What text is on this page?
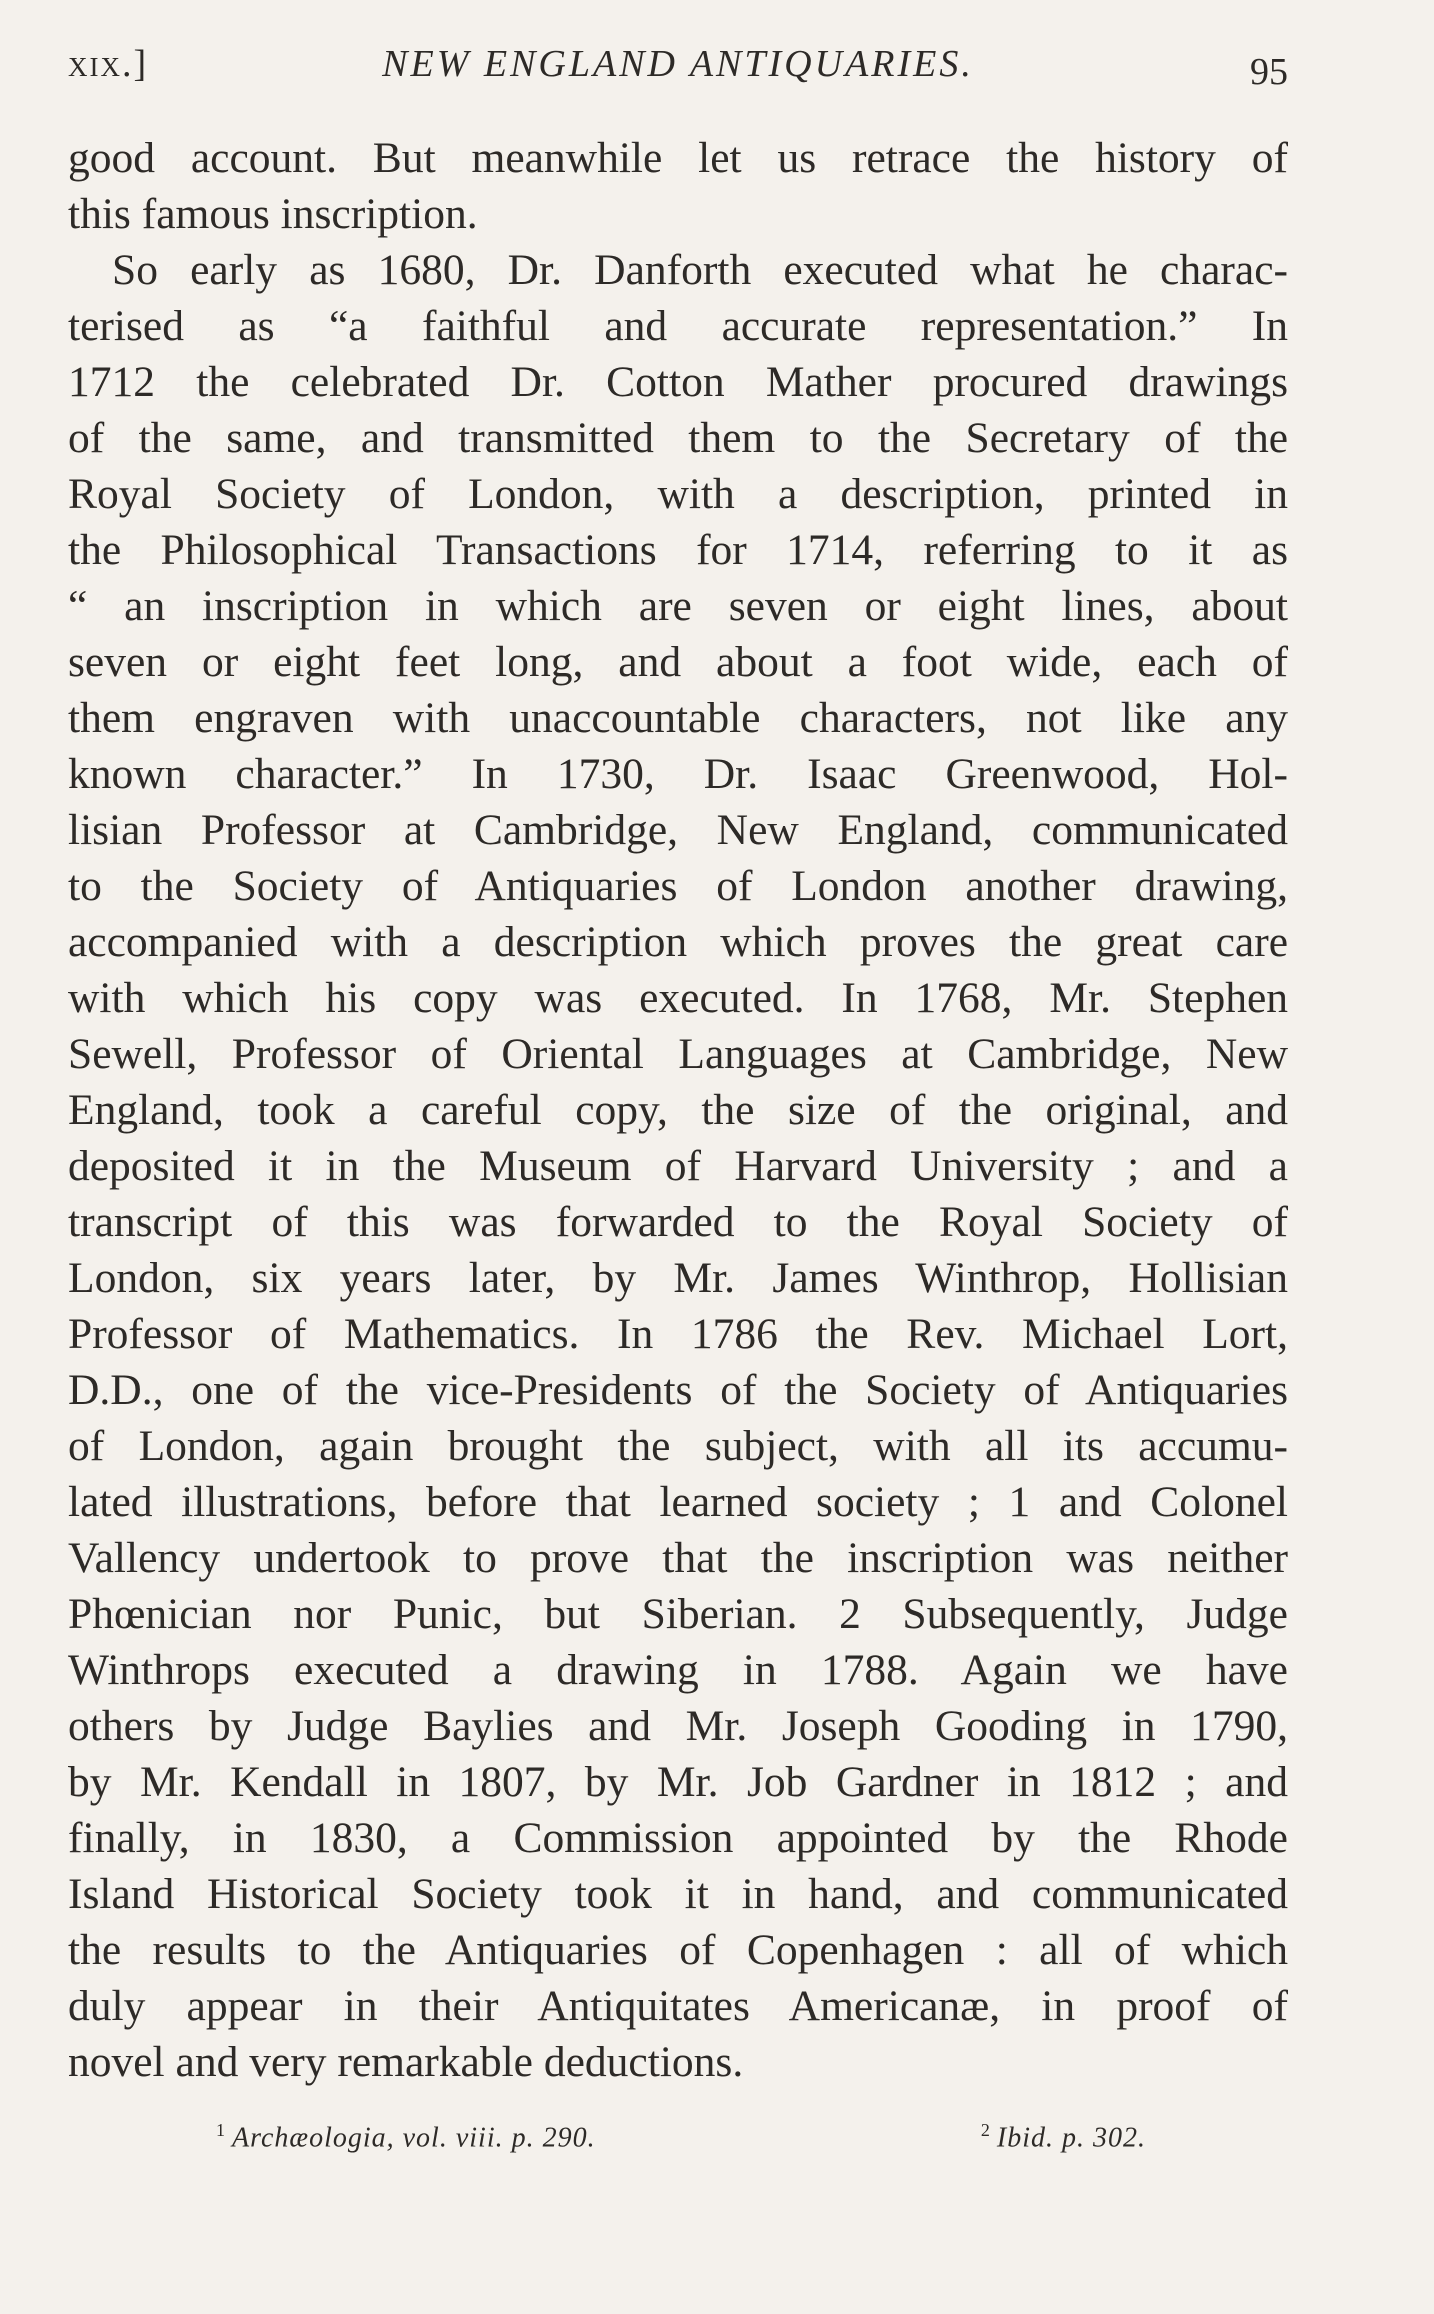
xix.]	NEW ENGLAND ANTIQUARIES.	95
good account. But meanwhile let us retrace the history of
this famous inscription.
So early as 1680, Dr. Danforth executed what he charac-
terised as “a faithful and accurate representation.” In
1712 the celebrated Dr. Cotton Mather procured drawings
of the same, and transmitted them to the Secretary of the
Royal Society of London, with a description, printed in
the Philosophical Transactions for 1714, referring to it as
“ an inscription in which are seven or eight lines, about
seven or eight feet long, and about a foot wide, each of
them engraven with unaccountable characters, not like any
known character.” In 1730, Dr. Isaac Greenwood, Hol-
lisian Professor at Cambridge, New England, communicated
to the Society of Antiquaries of London another drawing,
accompanied with a description which proves the great care
with which his copy was executed. In 1768, Mr. Stephen
Sewell, Professor of Oriental Languages at Cambridge, New
England, took a careful copy, the size of the original, and
deposited it in the Museum of Harvard University ; and a
transcript of this was forwarded to the Royal Society of
London, six years later, by Mr. James Winthrop, Hollisian
Professor of Mathematics. In 1786 the Rev. Michael Lort,
D.D., one of the vice-Presidents of the Society of Antiquaries
of London, again brought the subject, with all its accumu-
lated illustrations, before that learned society ; 1 and Colonel
Vallency undertook to prove that the inscription was neither
Phœnician nor Punic, but Siberian. 2 Subsequently, Judge
Winthrops executed a drawing in 1788. Again we have
others by Judge Baylies and Mr. Joseph Gooding in 1790,
by Mr. Kendall in 1807, by Mr. Job Gardner in 1812 ; and
finally, in 1830, a Commission appointed by the Rhode
Island Historical Society took it in hand, and communicated
the results to the Antiquaries of Copenhagen : all of which
duly appear in their Antiquitates Americanæ, in proof of
novel and very remarkable deductions.
$^1$ Archæologia, vol. viii. p. 290.	$^2$ Ibid. p. 302.
